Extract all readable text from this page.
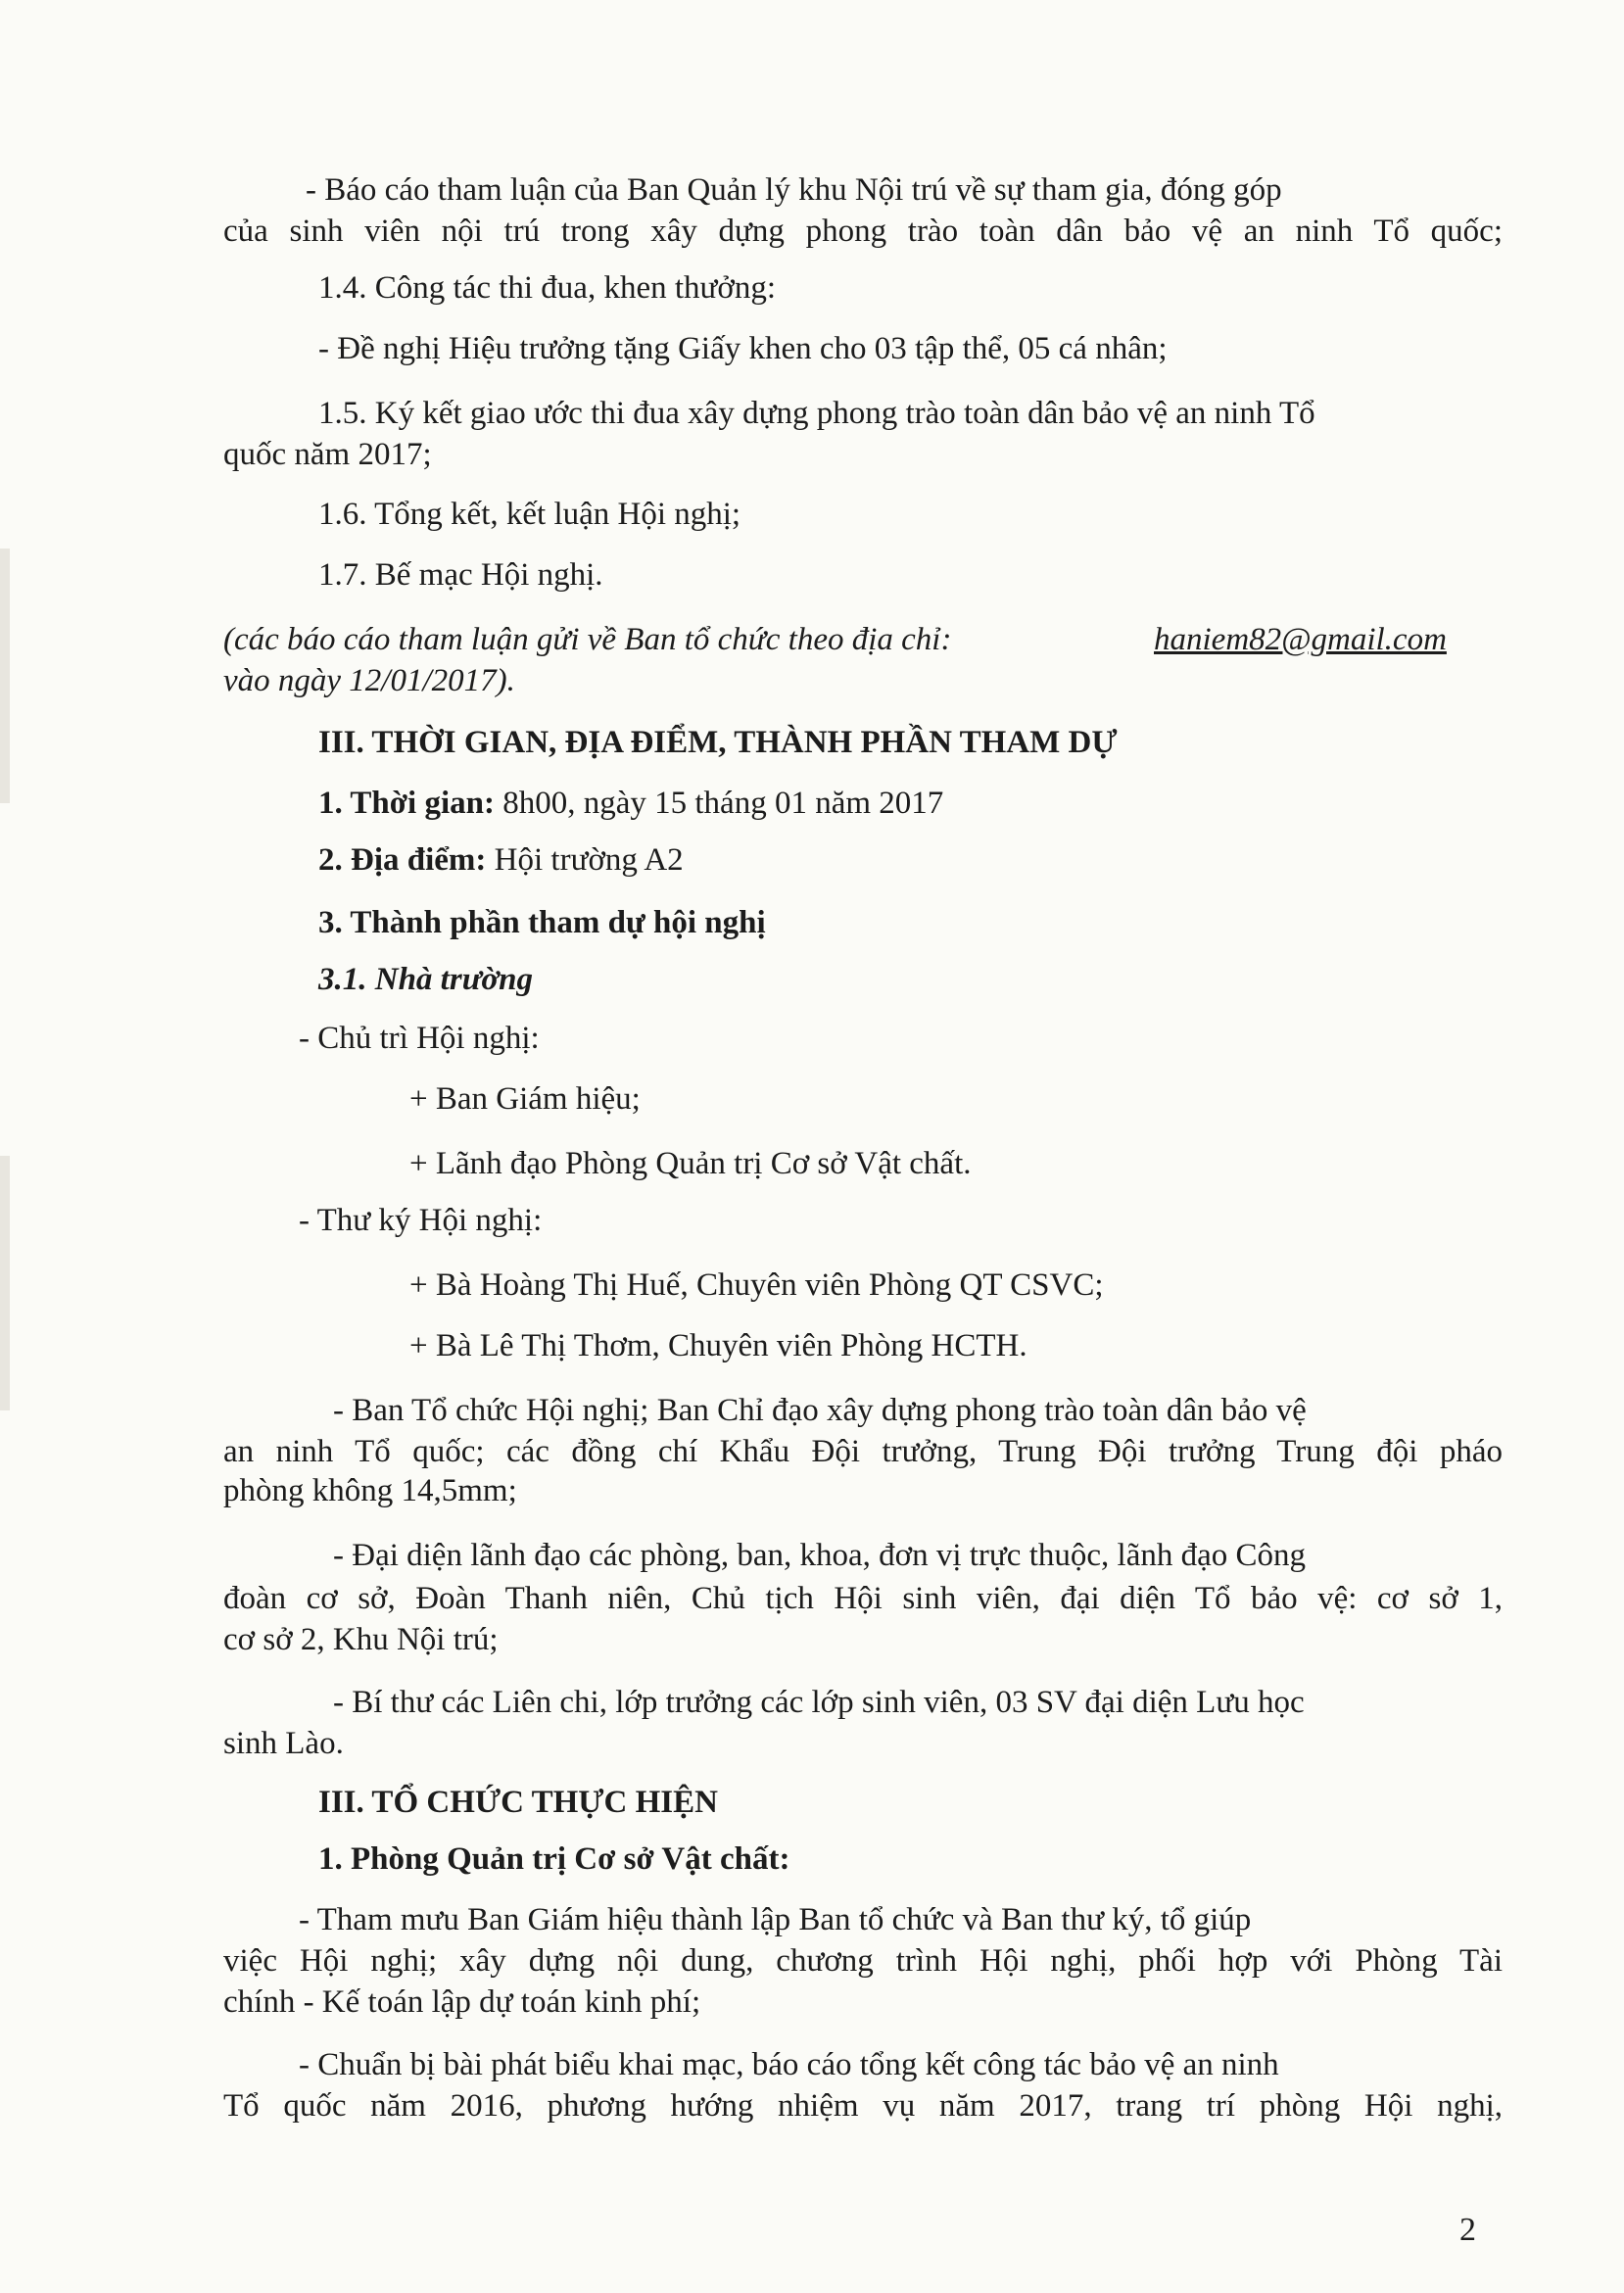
- Báo cáo tham luận của Ban Quản lý khu Nội trú về sự tham gia, đóng góp
của sinh viên nội trú trong xây dựng phong trào toàn dân bảo vệ an ninh Tổ quốc;
1.4. Công tác thi đua, khen thưởng:
- Đề nghị Hiệu trưởng tặng Giấy khen cho 03 tập thể, 05 cá nhân;
1.5. Ký kết giao ước thi đua xây dựng phong trào toàn dân bảo vệ an ninh Tổ
quốc năm 2017;
1.6. Tổng kết, kết luận Hội nghị;
1.7. Bế mạc Hội nghị.
(các báo cáo tham luận gửi về Ban tổ chức theo địa chỉ:	haniem82@gmail.com
vào ngày 12/01/2017).
III. THỜI GIAN, ĐỊA ĐIỂM, THÀNH PHẦN THAM DỰ
1. Thời gian: 8h00, ngày 15 tháng 01 năm 2017
2. Địa điểm: Hội trường A2
3. Thành phần tham dự hội nghị
3.1. Nhà trường
- Chủ trì Hội nghị:
+ Ban Giám hiệu;
+ Lãnh đạo Phòng Quản trị Cơ sở Vật chất.
- Thư ký Hội nghị:
+ Bà Hoàng Thị Huế, Chuyên viên Phòng QT CSVC;
+ Bà Lê Thị Thơm, Chuyên viên Phòng HCTH.
- Ban Tổ chức Hội nghị; Ban Chỉ đạo xây dựng phong trào toàn dân bảo vệ
an ninh Tổ quốc; các đồng chí Khẩu Đội trưởng, Trung Đội trưởng Trung đội pháo
phòng không 14,5mm;
- Đại diện lãnh đạo các phòng, ban, khoa, đơn vị trực thuộc, lãnh đạo Công
đoàn cơ sở, Đoàn Thanh niên, Chủ tịch Hội sinh viên, đại diện Tổ bảo vệ: cơ sở 1,
cơ sở 2, Khu Nội trú;
- Bí thư các Liên chi, lớp trưởng các lớp sinh viên, 03 SV đại diện Lưu học
sinh Lào.
III. TỔ CHỨC THỰC HIỆN
1. Phòng Quản trị Cơ sở Vật chất:
- Tham mưu Ban Giám hiệu thành lập Ban tổ chức và Ban thư ký, tổ giúp
việc Hội nghị; xây dựng nội dung, chương trình Hội nghị, phối hợp với Phòng Tài
chính - Kế toán lập dự toán kinh phí;
- Chuẩn bị bài phát biểu khai mạc, báo cáo tổng kết công tác bảo vệ an ninh
Tổ quốc năm 2016, phương hướng nhiệm vụ năm 2017, trang trí phòng Hội nghị,
2
